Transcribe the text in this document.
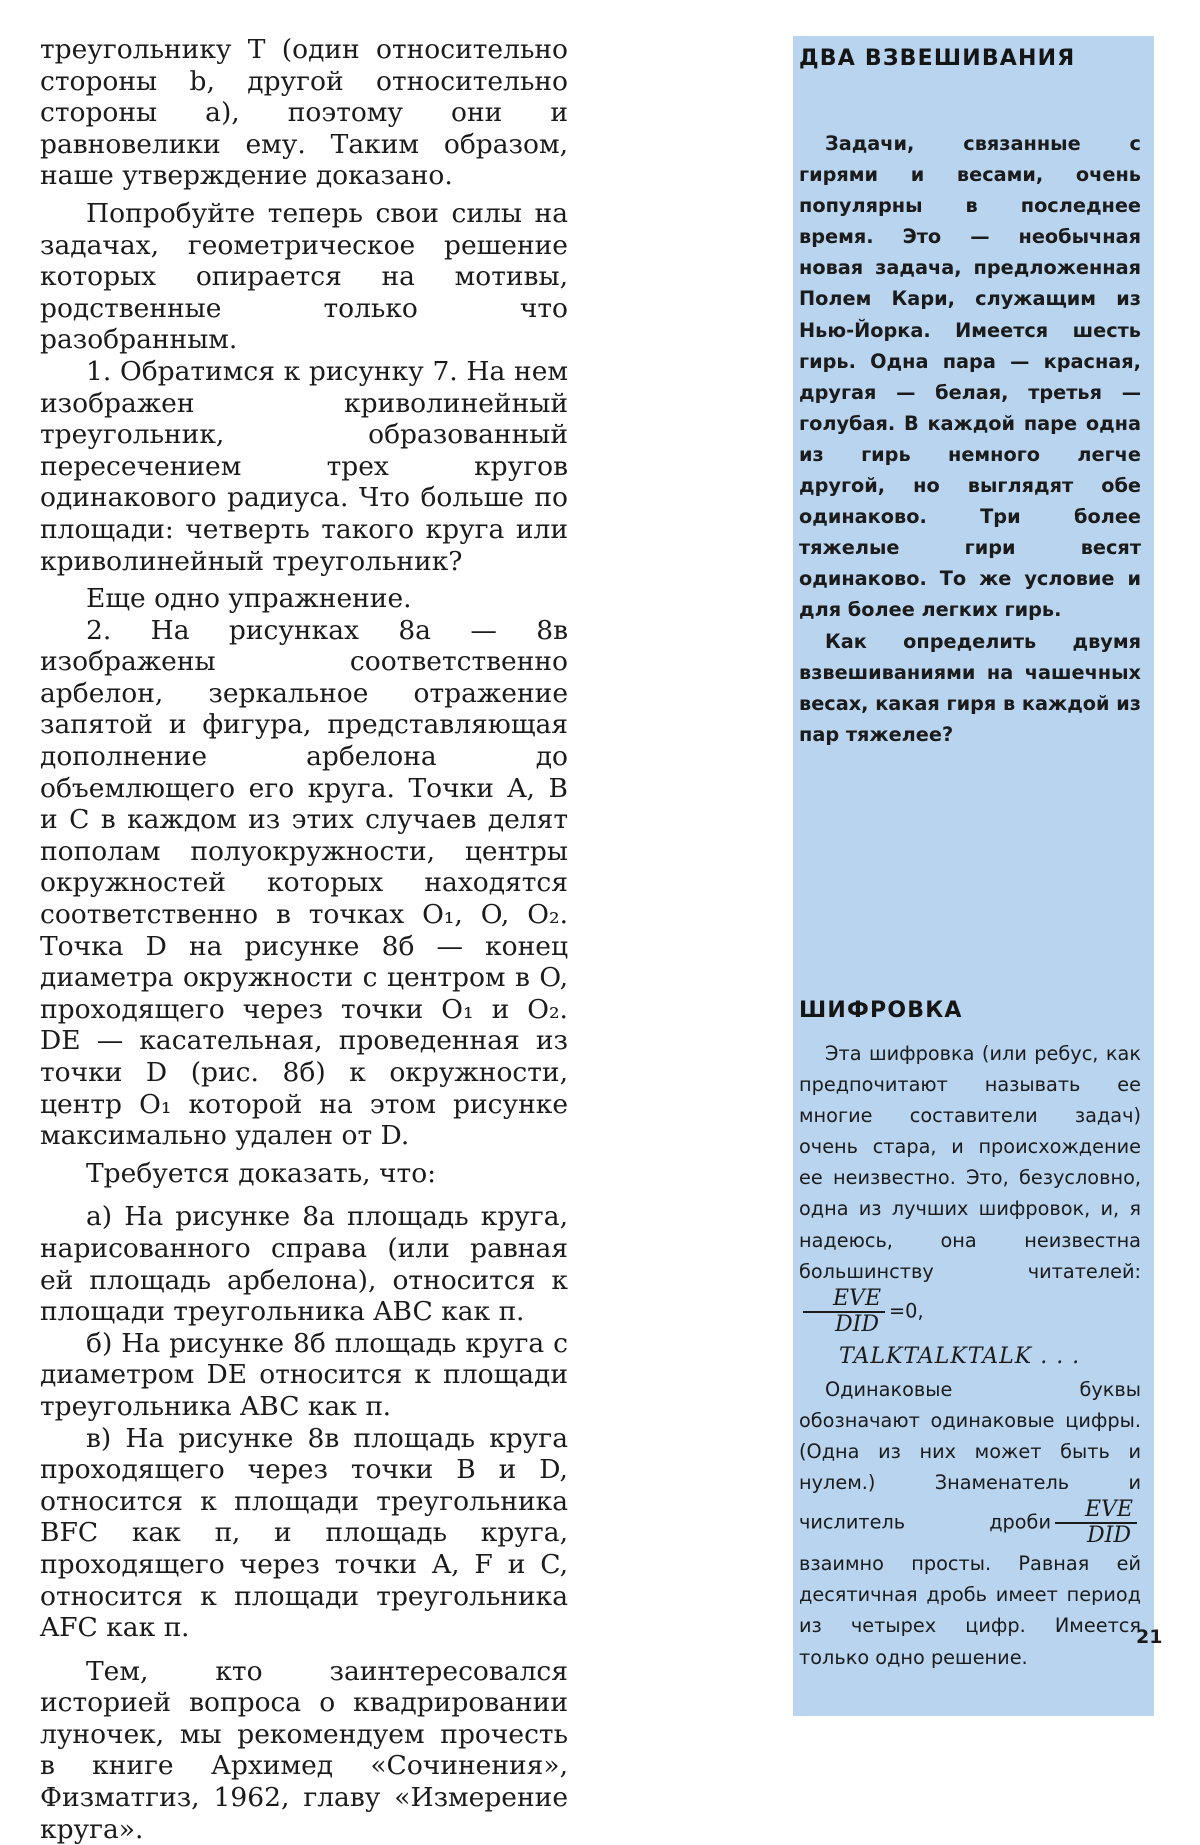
треугольнику T (один относительно стороны b, другой относительно стороны a), поэтому они и равновелики ему. Таким образом, наше утверждение доказано.

Попробуйте теперь свои силы на задачах, геометрическое решение которых опирается на мотивы, родственные только что разобранным.

1. Обратимся к рисунку 7. На нем изображен криволинейный треугольник, образованный пересечением трех кругов одинакового радиуса. Что больше по площади: четверть такого круга или криволинейный треугольник?

Еще одно упражнение.

2. На рисунках 8а — 8в изображены соответственно арбелон, зеркальное отражение запятой и фигура, представляющая дополнение арбелона до объемлющего его круга. Точки A, B и C в каждом из этих случаев делят пополам полуокружности, центры окружностей которых находятся соответственно в точках O₁, O, O₂. Точка D на рисунке 8б — конец диаметра окружности с центром в O, проходящего через точки O₁ и O₂. DE — касательная, проведенная из точки D (рис. 8б) к окружности, центр O₁ которой на этом рисунке максимально удален от D.

Требуется доказать, что:

а) На рисунке 8а площадь круга, нарисованного справа (или равная ей площадь арбелона), относится к площади треугольника ABC как π.

б) На рисунке 8б площадь круга с диаметром DE относится к площади треугольника ABC как π.

в) На рисунке 8в площадь круга проходящего через точки B и D, относится к площади треугольника BFC как π, и площадь круга, проходящего через точки A, F и C, относится к площади треугольника AFC как π.

Тем, кто заинтересовался историей вопроса о квадрировании луночек, мы рекомендуем прочесть в книге Архимед «Сочинения», Физматгиз, 1962, главу «Измерение круга».

ДВА ВЗВЕШИВАНИЯ

Задачи, связанные с гирями и весами, очень популярны в последнее время. Это — необычная новая задача, предложенная Полем Кари, служащим из Нью-Йорка. Имеется шесть гирь. Одна пара — красная, другая — белая, третья — голубая. В каждой паре одна из гирь немного легче другой, но выглядят обе одинаково. Три более тяжелые гири весят одинаково. То же условие и для более легких гирь.

Как определить двумя взвешиваниями на чашечных весах, какая гиря в каждой из пар тяжелее?

ШИФРОВКА

Эта шифровка (или ребус, как предпочитают называть ее многие составители задач) очень стара, и происхождение ее неизвестно. Это, безусловно, одна из лучших шифровок, и, я надеюсь, она неизвестна большинству читателей:
$\frac{\text{EVE}}{\text{DID}} =0$,

TALKTALKTALK . . .

Одинаковые буквы обозначают одинаковые цифры. (Одна из них может быть и нулем.) Знаменатель и числитель дроби $\frac{\text{EVE}}{\text{DID}}$
взаимно просты. Равная ей десятичная дробь имеет период из четырех цифр. Имеется только одно решение.

21
